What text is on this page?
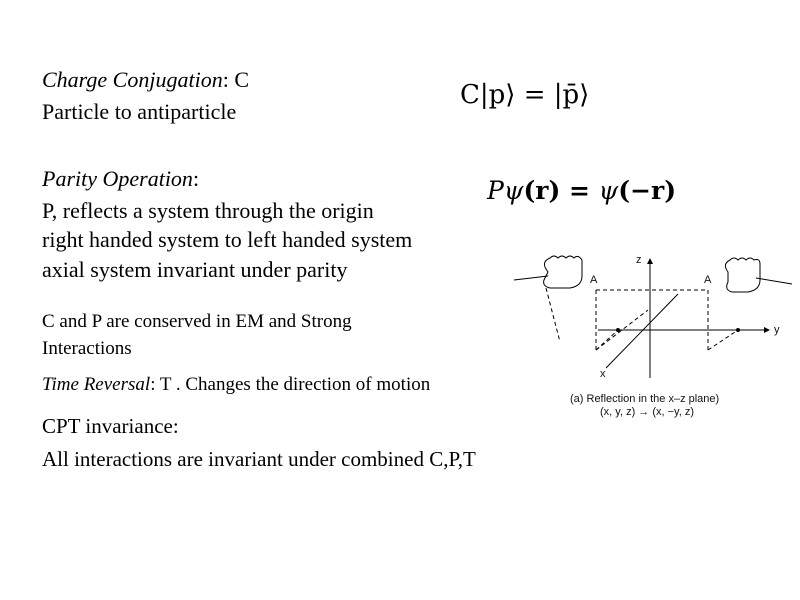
Charge Conjugation: C

Particle to antiparticle

C|p⟩ = |p̄⟩

Parity Operation:

P, reflects a system through the origin

right handed system to left handed system

axial system invariant under parity

Pψ(r) = ψ(−r)

C and P are conserved in EM and Strong

Interactions

Time Reversal: T . Changes the direction of motion

z
y
x
A	A
(a) Reflection in the x–z plane)
(x, y, z) → (x, −y, z)

CPT invariance:

All interactions are invariant under combined C,P,T
